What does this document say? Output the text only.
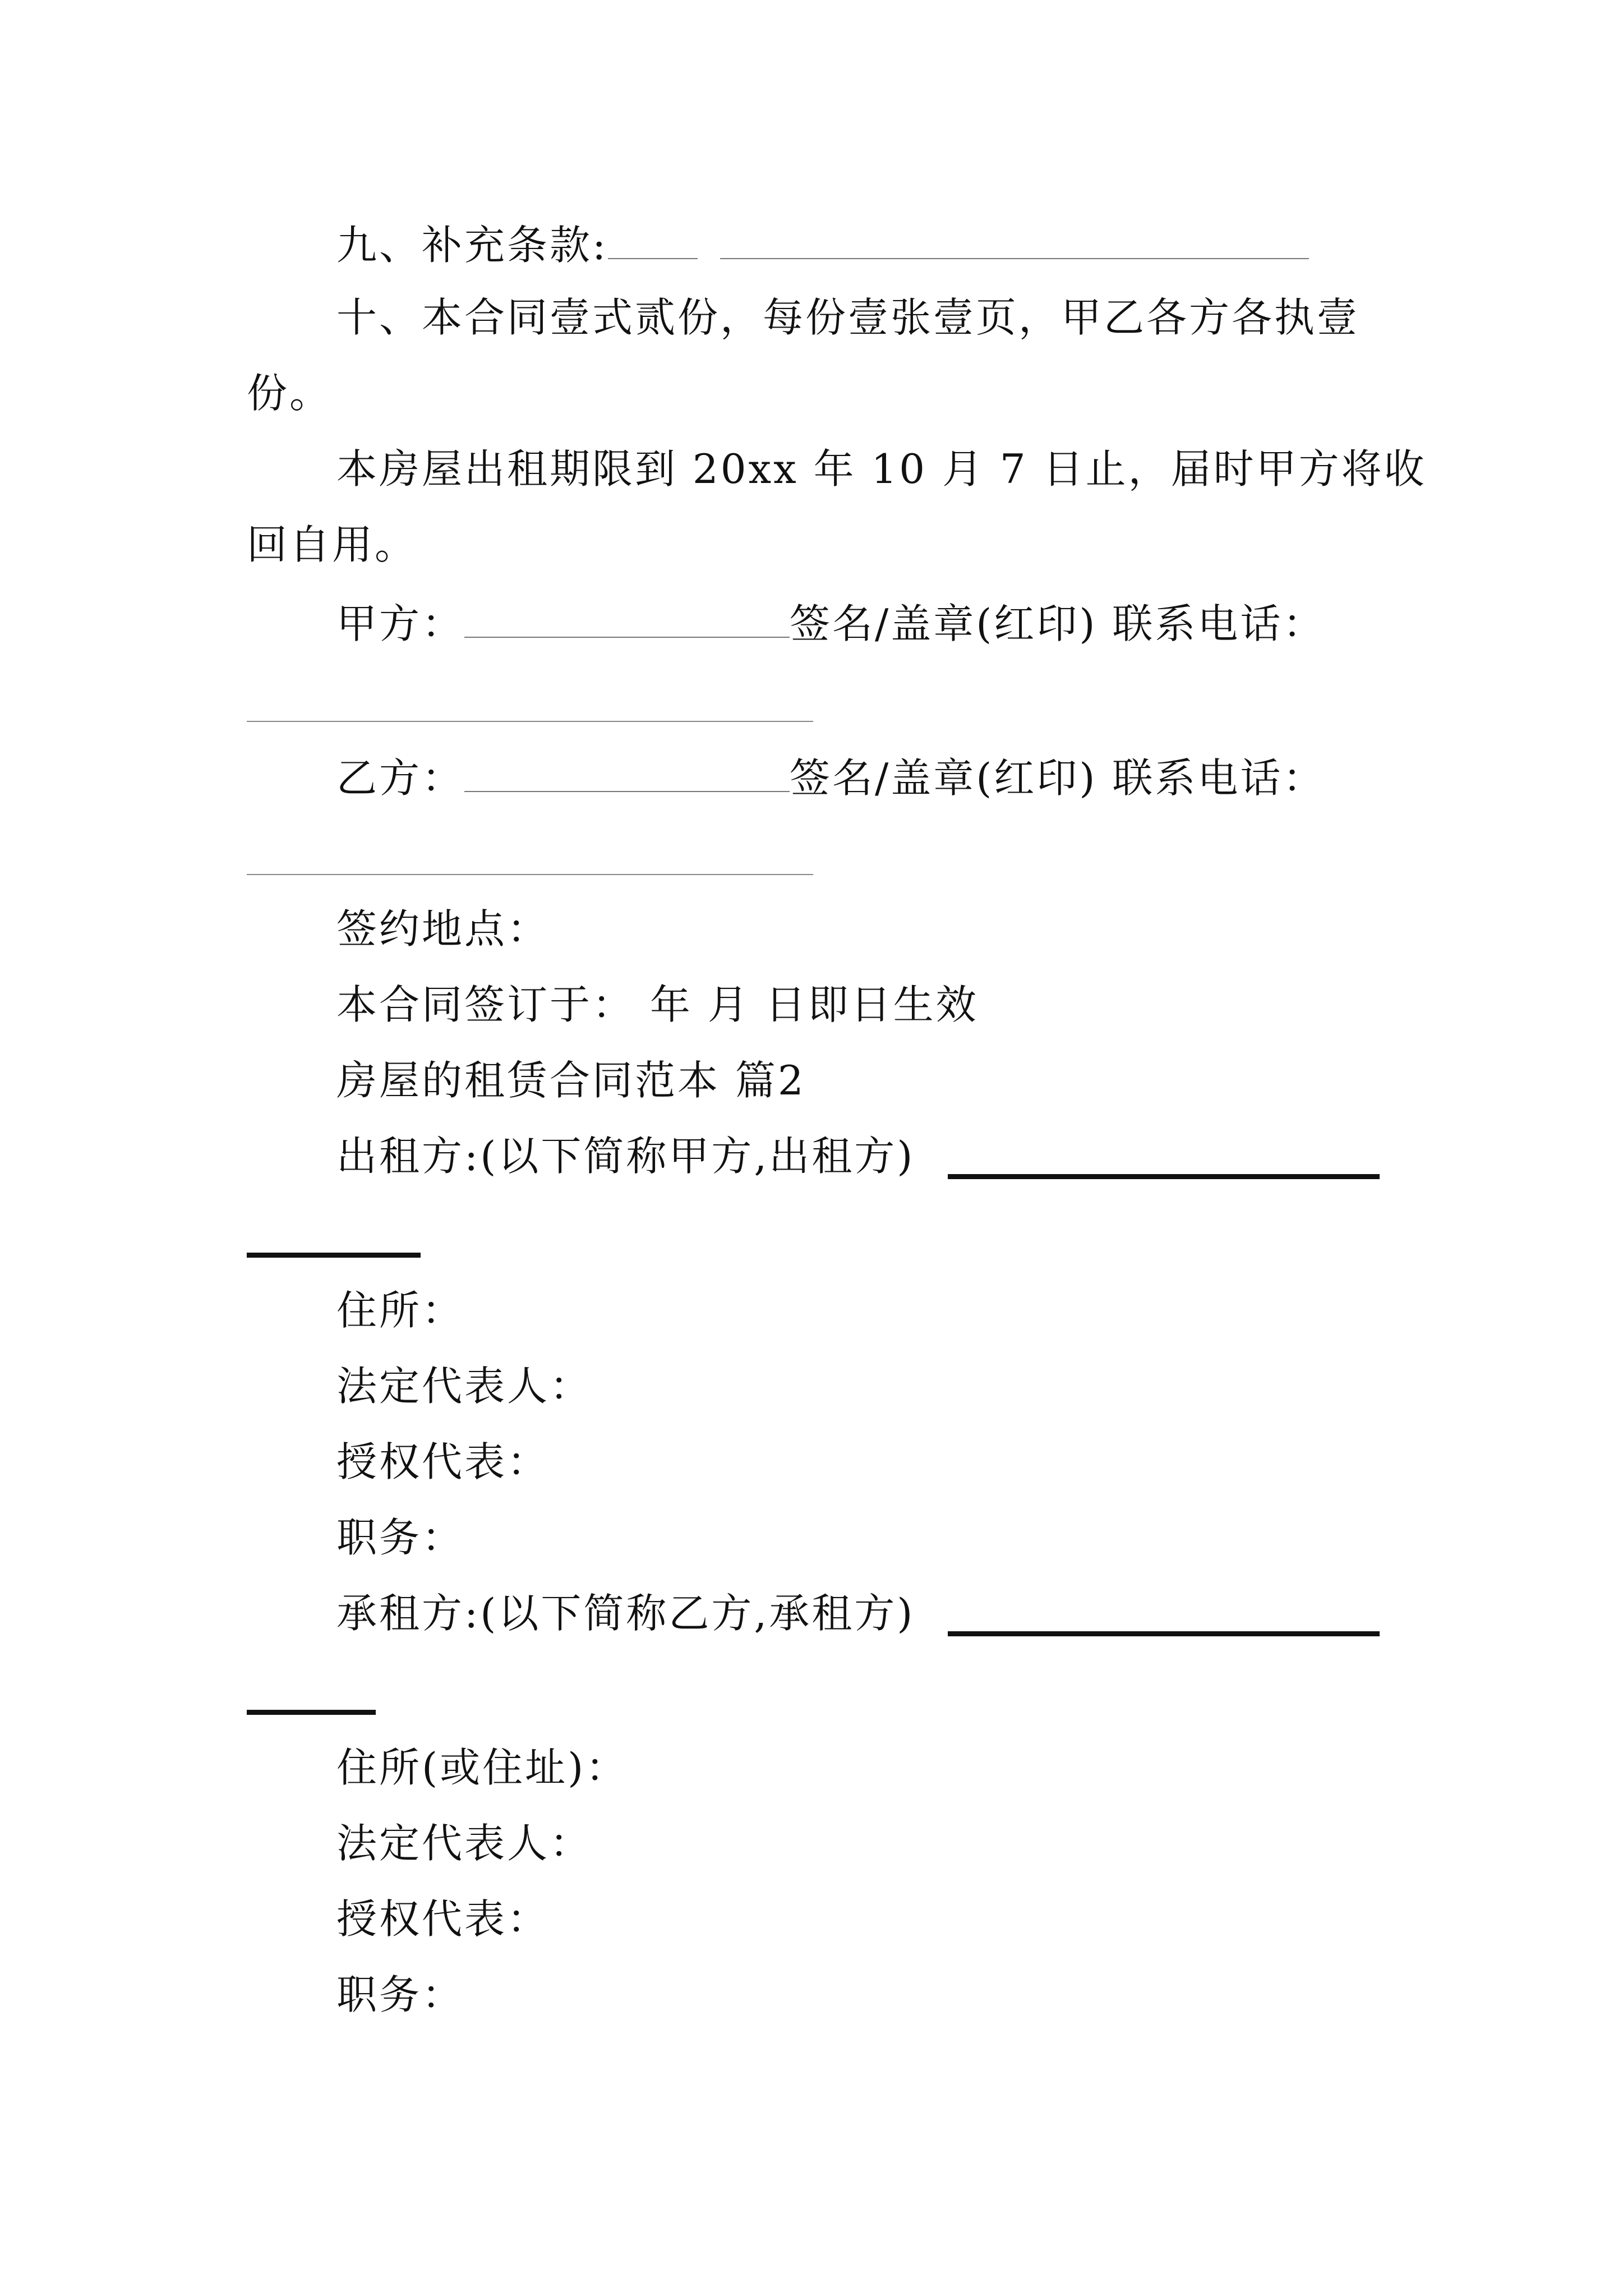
九、补充条款:
十、本合同壹式贰份，每份壹张壹页，甲乙各方各执壹
份。
本房屋出租期限到 20xx 年 10 月 7 日止，届时甲方将收
回自用。
甲方：	签名/盖章(红印) 联系电话：
乙方：	签名/盖章(红印) 联系电话：
签约地点：
本合同签订于： 年 月 日即日生效
房屋的租赁合同范本 篇2
出租方:(以下简称甲方,出租方)
住所：
法定代表人：
授权代表：
职务：
承租方:(以下简称乙方,承租方)
住所(或住址)：
法定代表人：
授权代表：
职务：
